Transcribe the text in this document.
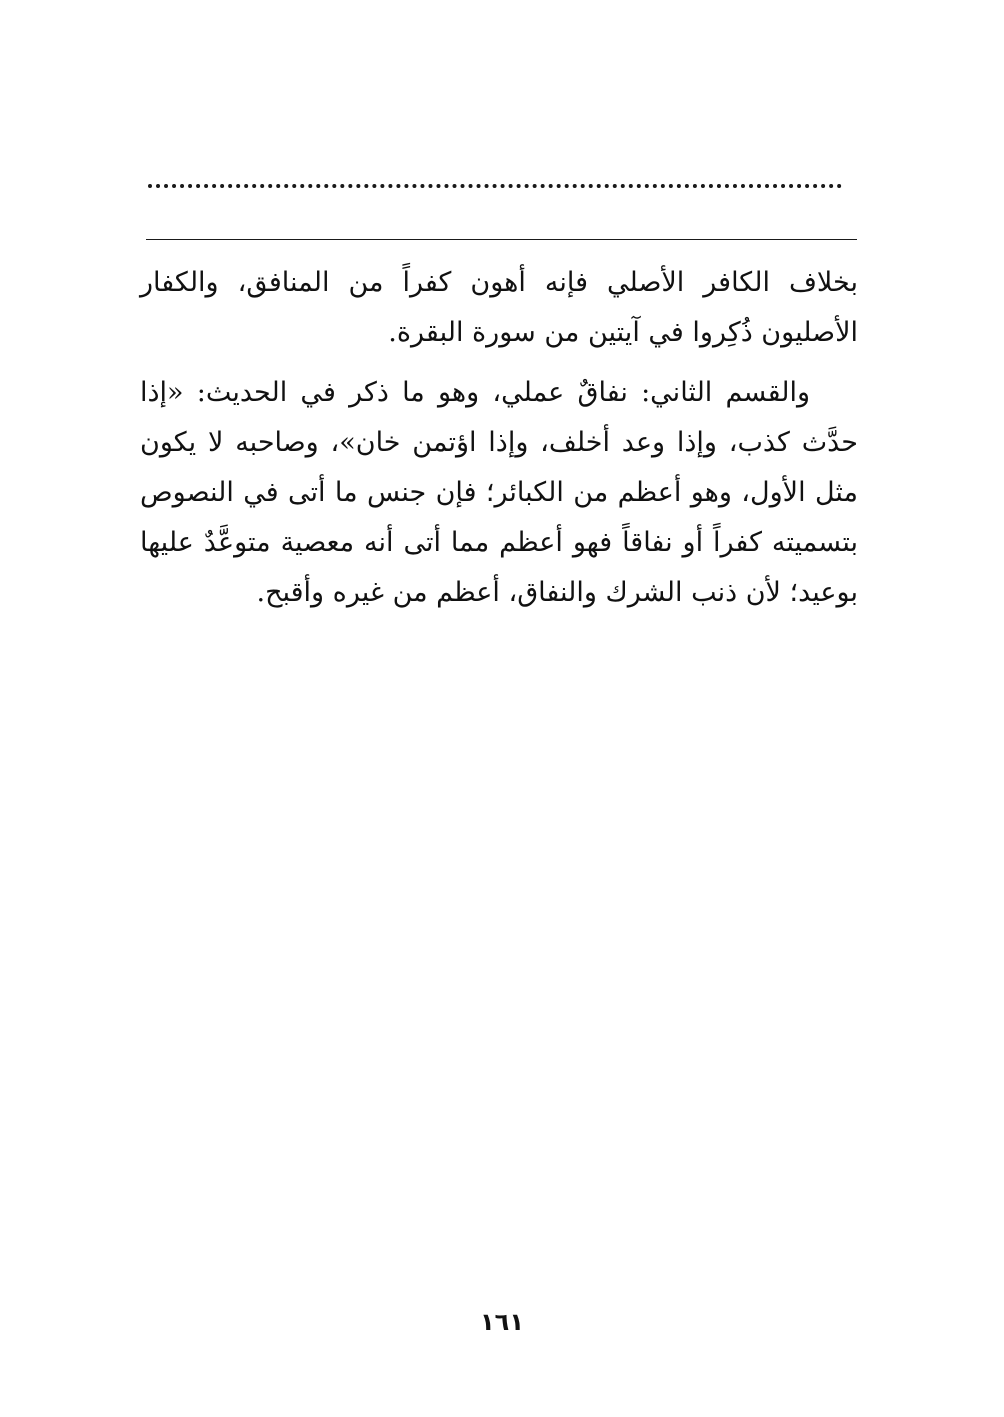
بخلاف الكافر الأصلي فإنه أهون كفراً من المنافق، والكفار الأصليون ذُكِروا في آيتين من سورة البقرة.

والقسم الثاني: نفاقٌ عملي، وهو ما ذكر في الحديث: «إذا حدَّث كذب، وإذا وعد أخلف، وإذا اؤتمن خان»، وصاحبه لا يكون مثل الأول، وهو أعظم من الكبائر؛ فإن جنس ما أتى في النصوص بتسميته كفراً أو نفاقاً فهو أعظم مما أتى أنه معصية متوعَّدٌ عليها بوعيد؛ لأن ذنب الشرك والنفاق، أعظم من غيره وأقبح.

١٦١
